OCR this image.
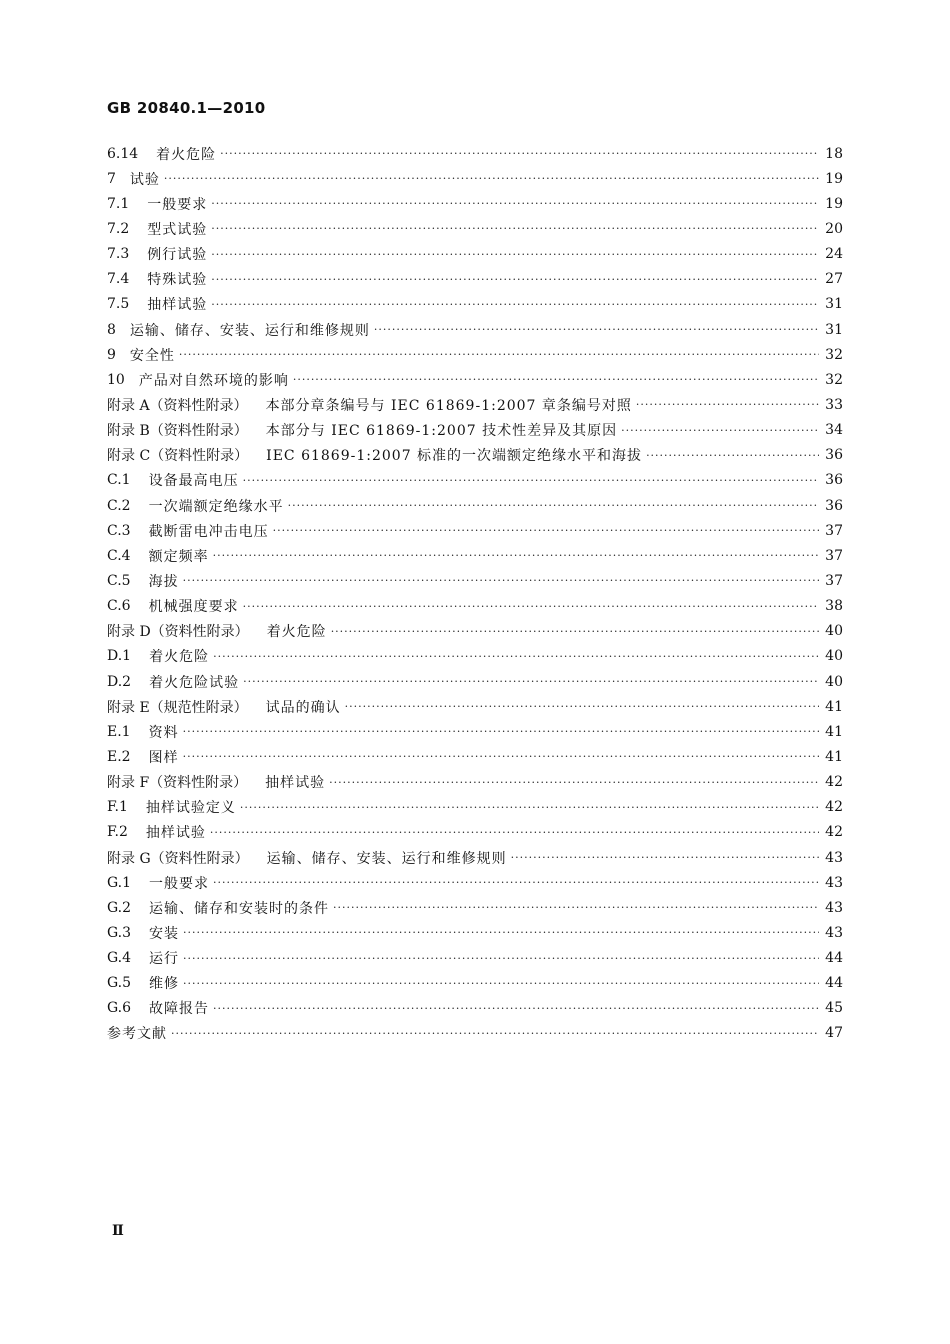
GB 20840.1—2010
6.14 着火危险 ·····	18
7 试验 ·····	19
7.1 一般要求 ·····	19
7.2 型式试验 ·····	20
7.3 例行试验 ·····	24
7.4 特殊试验 ·····	27
7.5 抽样试验 ·····	31
8 运输、储存、安装、运行和维修规则 ·····	31
9 安全性 ·····	32
10 产品对自然环境的影响 ·····	32
附录 A（资料性附录） 本部分章条编号与 IEC 61869-1:2007 章条编号对照 ·····	33
附录 B（资料性附录） 本部分与 IEC 61869-1:2007 技术性差异及其原因 ·····	34
附录 C（资料性附录） IEC 61869-1:2007 标准的一次端额定绝缘水平和海拔 ·····	36
C.1 设备最高电压 ·····	36
C.2 一次端额定绝缘水平 ·····	36
C.3 截断雷电冲击电压 ·····	37
C.4 额定频率 ·····	37
C.5 海拔 ·····	37
C.6 机械强度要求 ·····	38
附录 D（资料性附录） 着火危险 ·····	40
D.1 着火危险 ·····	40
D.2 着火危险试验 ·····	40
附录 E（规范性附录） 试品的确认 ·····	41
E.1 资料 ·····	41
E.2 图样 ·····	41
附录 F（资料性附录） 抽样试验 ·····	42
F.1 抽样试验定义 ·····	42
F.2 抽样试验 ·····	42
附录 G（资料性附录） 运输、储存、安装、运行和维修规则 ·····	43
G.1 一般要求 ·····	43
G.2 运输、储存和安装时的条件 ·····	43
G.3 安装 ·····	43
G.4 运行 ·····	44
G.5 维修 ·····	44
G.6 故障报告 ·····	45
参考文献 ·····	47
Ⅱ
